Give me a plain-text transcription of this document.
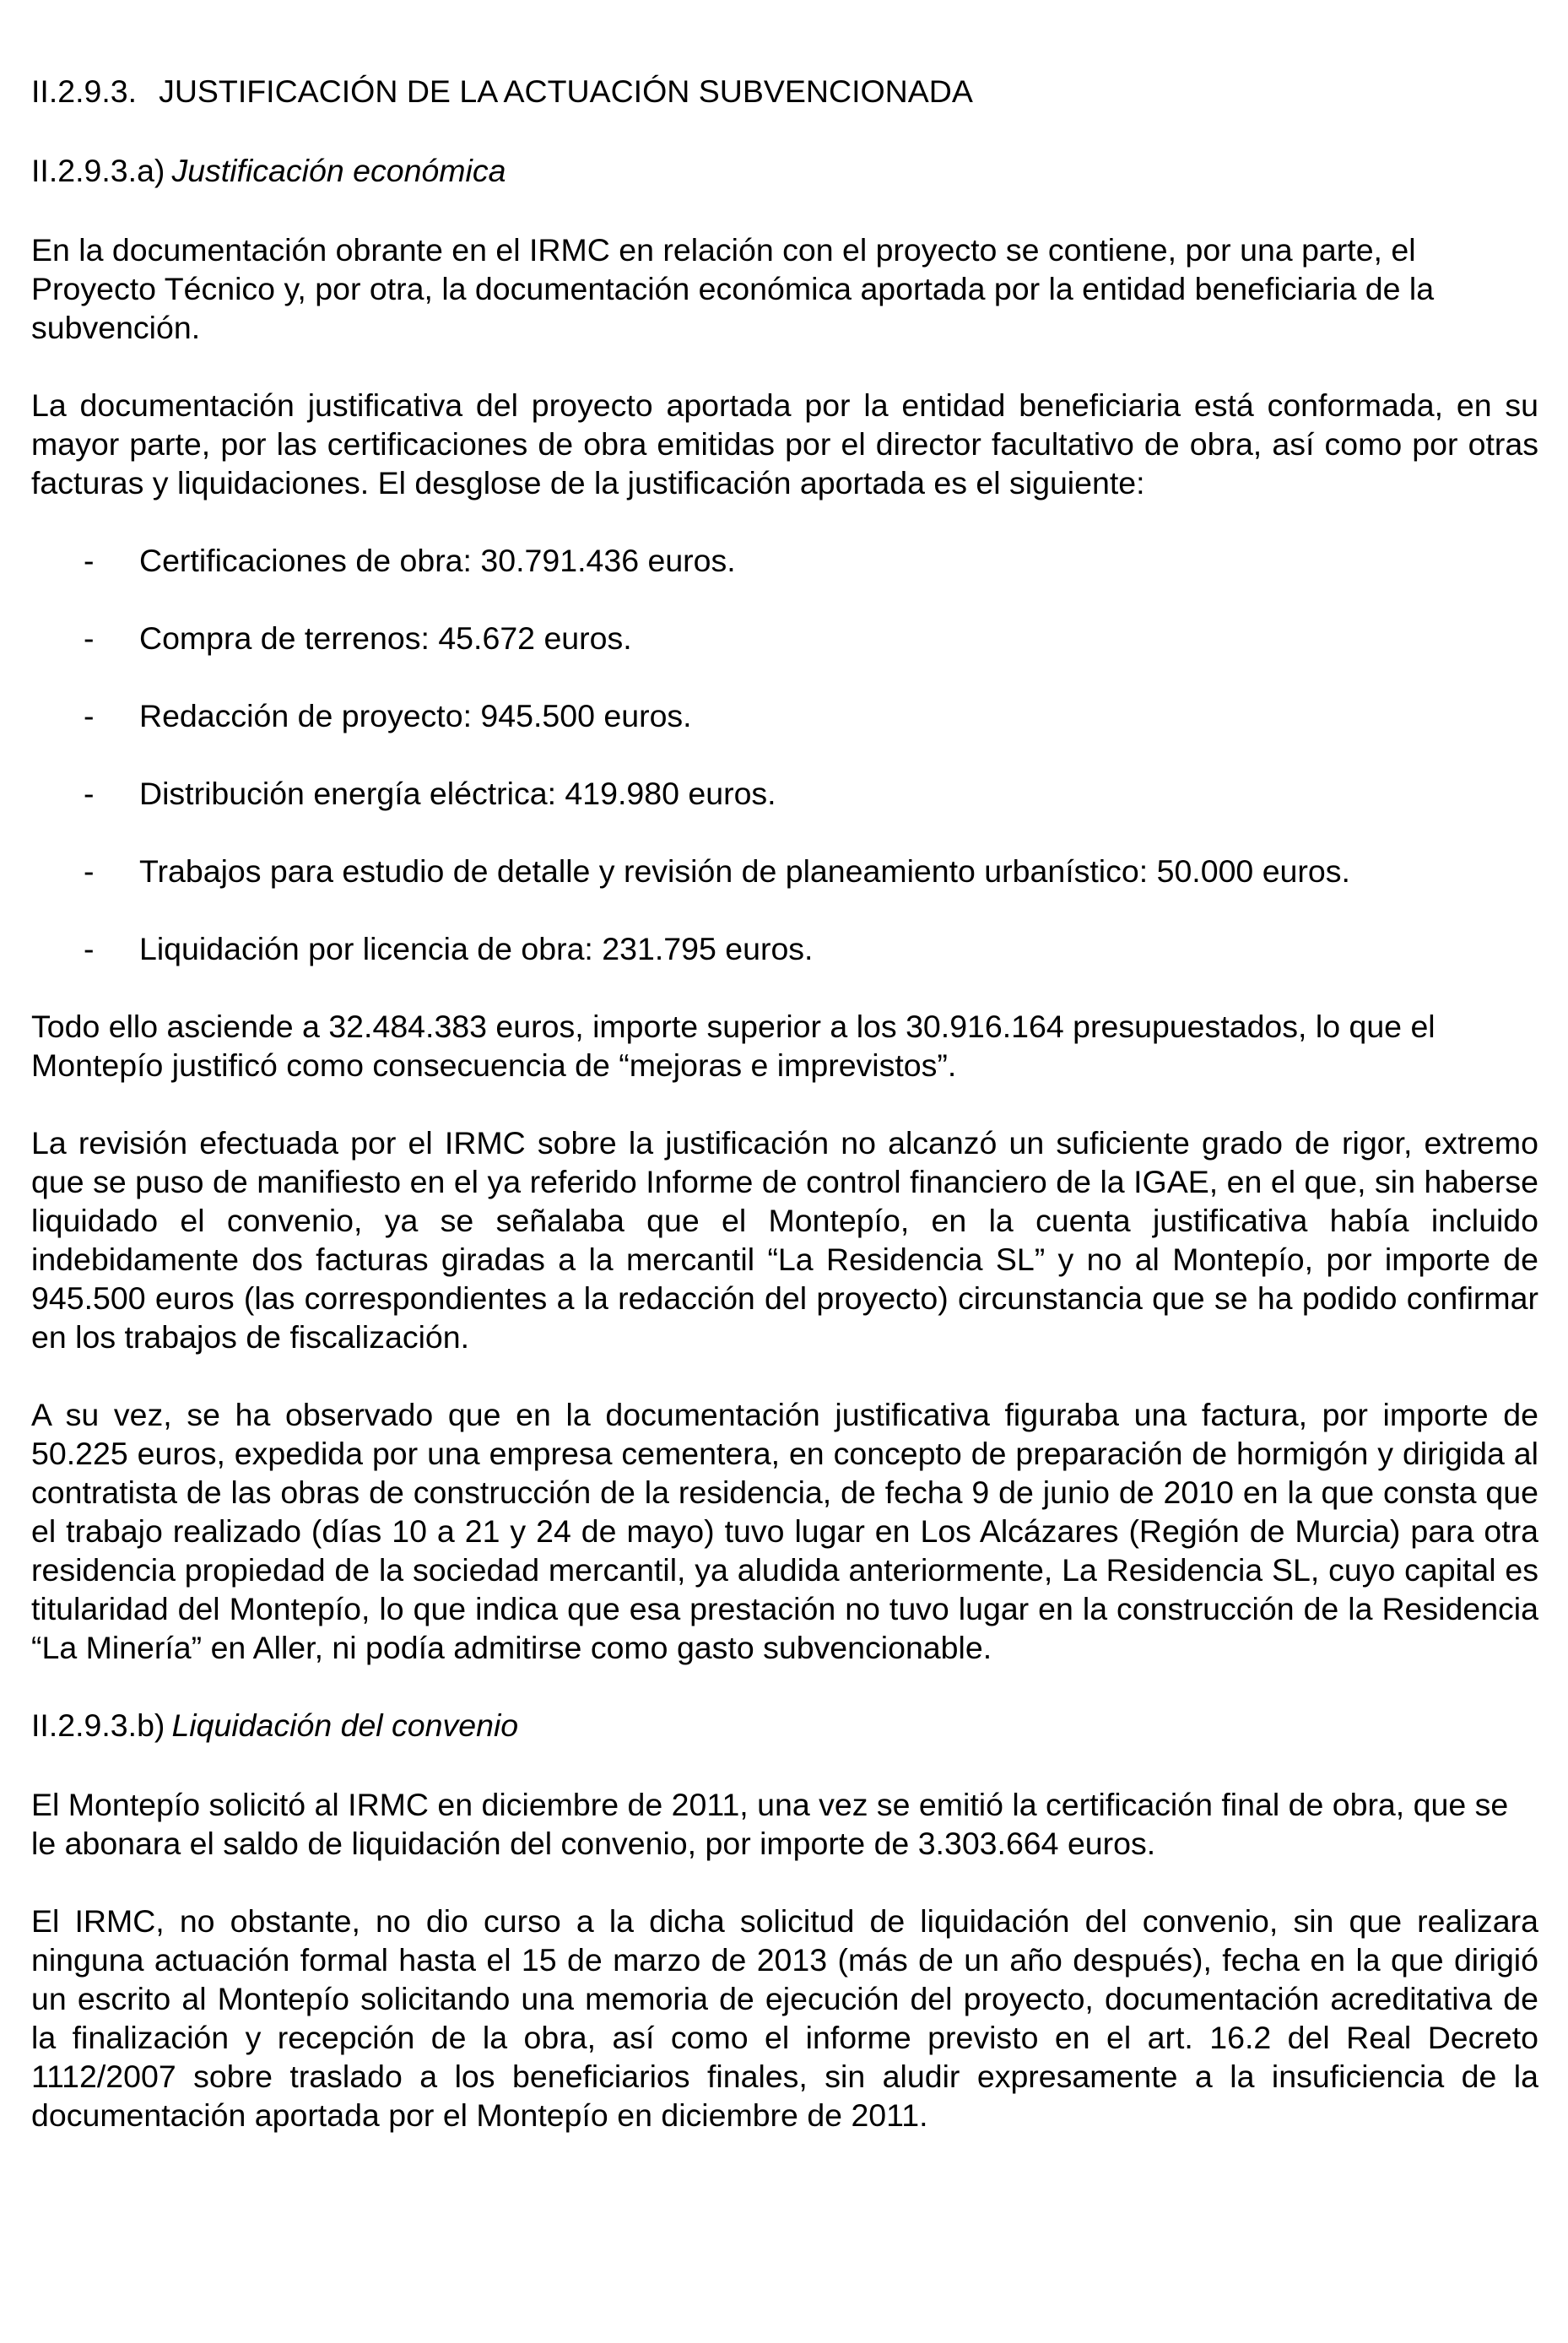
II.2.9.3. JUSTIFICACIÓN DE LA ACTUACIÓN SUBVENCIONADA
II.2.9.3.a) Justificación económica

En la documentación obrante en el IRMC en relación con el proyecto se contiene, por una parte, el Proyecto Técnico y, por otra, la documentación económica aportada por la entidad beneficiaria de la subvención.

La documentación justificativa del proyecto aportada por la entidad beneficiaria está conformada, en su mayor parte, por las certificaciones de obra emitidas por el director facultativo de obra, así como por otras facturas y liquidaciones. El desglose de la justificación aportada es el siguiente:

- Certificaciones de obra: 30.791.436 euros.
- Compra de terrenos: 45.672 euros.
- Redacción de proyecto: 945.500 euros.
- Distribución energía eléctrica: 419.980 euros.
- Trabajos para estudio de detalle y revisión de planeamiento urbanístico: 50.000 euros.
- Liquidación por licencia de obra: 231.795 euros.

Todo ello asciende a 32.484.383 euros, importe superior a los 30.916.164 presupuestados, lo que el Montepío justificó como consecuencia de “mejoras e imprevistos”.

La revisión efectuada por el IRMC sobre la justificación no alcanzó un suficiente grado de rigor, extremo que se puso de manifiesto en el ya referido Informe de control financiero de la IGAE, en el que, sin haberse liquidado el convenio, ya se señalaba que el Montepío, en la cuenta justificativa había incluido indebidamente dos facturas giradas a la mercantil “La Residencia SL” y no al Montepío, por importe de 945.500 euros (las correspondientes a la redacción del proyecto) circunstancia que se ha podido confirmar en los trabajos de fiscalización.

A su vez, se ha observado que en la documentación justificativa figuraba una factura, por importe de 50.225 euros, expedida por una empresa cementera, en concepto de preparación de hormigón y dirigida al contratista de las obras de construcción de la residencia, de fecha 9 de junio de 2010 en la que consta que el trabajo realizado (días 10 a 21 y 24 de mayo) tuvo lugar en Los Alcázares (Región de Murcia) para otra residencia propiedad de la sociedad mercantil, ya aludida anteriormente, La Residencia SL, cuyo capital es titularidad del Montepío, lo que indica que esa prestación no tuvo lugar en la construcción de la Residencia “La Minería” en Aller, ni podía admitirse como gasto subvencionable.

II.2.9.3.b) Liquidación del convenio

El Montepío solicitó al IRMC en diciembre de 2011, una vez se emitió la certificación final de obra, que se le abonara el saldo de liquidación del convenio, por importe de 3.303.664 euros.

El IRMC, no obstante, no dio curso a la dicha solicitud de liquidación del convenio, sin que realizara ninguna actuación formal hasta el 15 de marzo de 2013 (más de un año después), fecha en la que dirigió un escrito al Montepío solicitando una memoria de ejecución del proyecto, documentación acreditativa de la finalización y recepción de la obra, así como el informe previsto en el art. 16.2 del Real Decreto 1112/2007 sobre traslado a los beneficiarios finales, sin aludir expresamente a la insuficiencia de la documentación aportada por el Montepío en diciembre de 2011.
